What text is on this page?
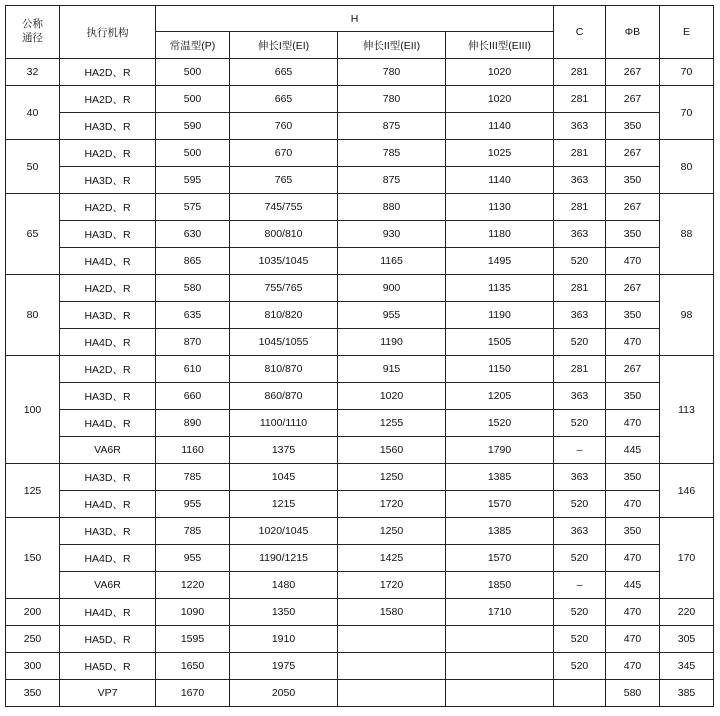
公称
通径	执行机构	H				C	ΦB	E
		常温型(P)	伸长I型(EI)	伸长II型(EII)	伸长III型(EIII)			
32	HA2D、R	500	665	780	1020	281	267	70
40	HA2D、R	500	665	780	1020	281	267	70
	HA3D、R	590	760	875	1140	363	350	
50	HA2D、R	500	670	785	1025	281	267	80
	HA3D、R	595	765	875	1140	363	350	
65	HA2D、R	575	745/755	880	1130	281	267	88
	HA3D、R	630	800/810	930	1180	363	350	
	HA4D、R	865	1035/1045	1165	1495	520	470	
80	HA2D、R	580	755/765	900	1135	281	267	98
	HA3D、R	635	810/820	955	1190	363	350	
	HA4D、R	870	1045/1055	1190	1505	520	470	
100	HA2D、R	610	810/870	915	1150	281	267	113
	HA3D、R	660	860/870	1020	1205	363	350	
	HA4D、R	890	1100/1110	1255	1520	520	470	
	VA6R	1160	1375	1560	1790	–	445	
125	HA3D、R	785	1045	1250	1385	363	350	146
	HA4D、R	955	1215	1720	1570	520	470	
150	HA3D、R	785	1020/1045	1250	1385	363	350	170
	HA4D、R	955	1190/1215	1425	1570	520	470	
	VA6R	1220	1480	1720	1850	–	445	
200	HA4D、R	1090	1350	1580	1710	520	470	220
250	HA5D、R	1595	1910			520	470	305
300	HA5D、R	1650	1975			520	470	345
350	VP7	1670	2050				580	385
